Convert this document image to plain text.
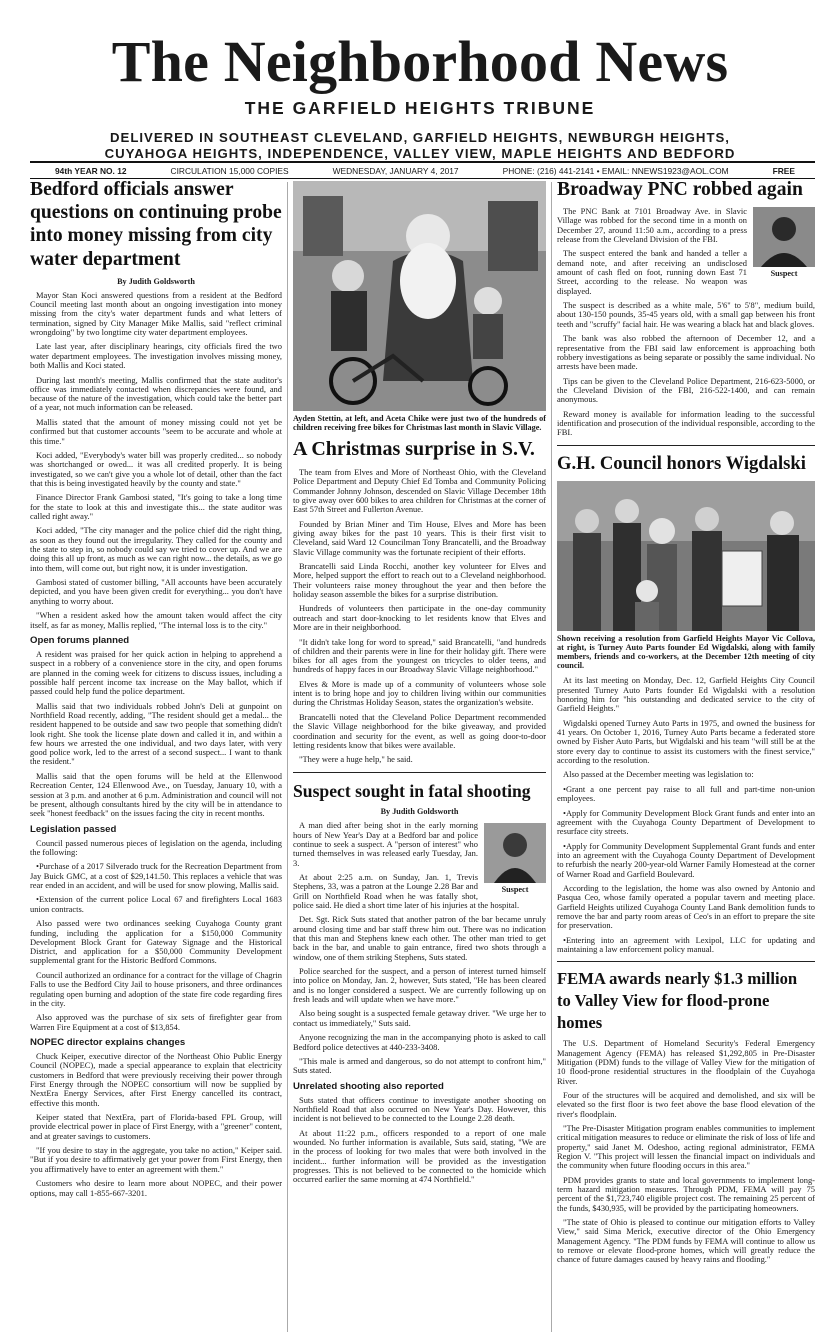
The Neighborhood News
THE GARFIELD HEIGHTS TRIBUNE
DELIVERED IN SOUTHEAST CLEVELAND, GARFIELD HEIGHTS, NEWBURGH HEIGHTS,
CUYAHOGA HEIGHTS, INDEPENDENCE, VALLEY VIEW, MAPLE HEIGHTS AND BEDFORD
94th YEAR NO. 12	CIRCULATION 15,000 COPIES	WEDNESDAY, JANUARY 4, 2017	PHONE: (216) 441-2141 • EMAIL: NNEWS1923@AOL.COM	FREE
Bedford officials answer questions on continuing probe into money missing from city water department
By Judith Goldsworth

Mayor Stan Koci answered questions from a resident at the Bedford Council meeting last month about an ongoing investigation into money missing from the city's water department funds and what letters of termination, signed by City Manager Mike Mallis, said "reflect criminal wrongdoing" by two longtime city water department employees.

Late last year, after disciplinary hearings, city officials fired the two water department employees. The investigation involves missing money, both Mallis and Koci stated.

During last month's meeting, Mallis confirmed that the state auditor's office was immediately contacted when discrepancies were found, and because of the nature of the investigation, which could take the better part of a year, not much information can be released.

Mallis stated that the amount of money missing could not yet be confirmed but that customer accounts "seem to be accurate and whole at this time."

Koci added, "Everybody's water bill was properly credited... so nobody was shortchanged or owed... it was all credited properly. It is being investigated, so we can't give you a whole lot of detail, other than the fact that this is being investigated heavily by the county and state."

Finance Director Frank Gambosi stated, "It's going to take a long time for the state to look at this and investigate this... the state auditor was called right away."

Koci added, "The city manager and the police chief did the right thing, as soon as they found out the irregularity. They called for the county and the state to step in, so nobody could say we tried to cover up. And we are doing this all up front, as much as we can right now... the details, as we go into them, will come out, but right now, it is under investigation.

Gambosi stated of customer billing, "All accounts have been accurately depicted, and you have been given credit for everything... you don't have anything to worry about.

"When a resident asked how the amount taken would affect the city itself, as far as money, Mallis replied, "The internal loss is to the city."

Open forums planned

A resident was praised for her quick action in helping to apprehend a suspect in a robbery of a convenience store in the city, and open forums are planned in the coming week for citizens to discuss issues, including a possible half percent income tax increase on the May ballot, which if passed could help fund the police department.

Mallis said that two individuals robbed John's Deli at gunpoint on Northfield Road recently, adding, "The resident should get a medal... the resident happened to be outside and saw two people that something didn't look right. She took the license plate down and called it in, and within a few hours we arrested the one individual, and two days later, with very good police work, led to the arrest of a second suspect... I want to thank the resident."

Mallis said that the open forums will be held at the Ellenwood Recreation Center, 124 Ellenwood Ave., on Tuesday, January 10, with a session at 3 p.m. and another at 6 p.m. Administration and council will not be present, although consultants hired by the city will be in attendance to seek "honest feedback" on the issues facing the city in recent months.

Legislation passed

Council passed numerous pieces of legislation on the agenda, including the following:

•Purchase of a 2017 Silverado truck for the Recreation Department from Jay Buick GMC, at a cost of $29,141.50. This replaces a vehicle that was rear ended in an accident, and will be used for snow plowing, Mallis said.

•Extension of the current police Local 67 and firefighters Local 1683 union contracts.

Also passed were two ordinances seeking Cuyahoga County grant funding, including the application for a $150,000 Community Development Block Grant for Gateway Signage and the Historical District, and application for a $50,000 Community Development supplemental grant for the Historic Bedford Commons.

Council authorized an ordinance for a contract for the village of Chagrin Falls to use the Bedford City Jail to house prisoners, and three ordinances regulating open burning and adoption of the state fire code regarding fires in the city.

Also approved was the purchase of six sets of firefighter gear from Warren Fire Equipment at a cost of $13,854.

NOPEC director explains changes

Chuck Keiper, executive director of the Northeast Ohio Public Energy Council (NOPEC), made a special appearance to explain that electricity customers in Bedford that were previously receiving their power through First Energy through the NOPEC consortium will now be supplied by NextEra Energy Services, after First Energy cancelled its contract, effective this month.

Keiper stated that NextEra, part of Florida-based FPL Group, will provide electrical power in place of First Energy, with a "greener" content, and at greater savings to customers.

"If you desire to stay in the aggregate, you take no action," Keiper said. "But if you desire to affirmatively get your power from First Energy, then you affirmatively have to enter an agreement with them."

Customers who desire to learn more about NOPEC, and their power options, may call 1-855-667-3201.

Ayden Stettin, at left, and Aceta Chike were just two of the hundreds of children receiving free bikes for Christmas last month in Slavic Village.
A Christmas surprise in S.V.

The team from Elves and More of Northeast Ohio, with the Cleveland Police Department and Deputy Chief Ed Tomba and Community Policing Commander Johnny Johnson, descended on Slavic Village December 18th to give away over 600 bikes to area children for Christmas at the corner of East 57th Street and Fullerton Avenue.

Founded by Brian Miner and Tim House, Elves and More has been giving away bikes for the past 10 years. This is their first visit to Cleveland, said Ward 12 Councilman Tony Brancatelli, and the Broadway Slavic Village community was the fortunate recipient of their efforts.

Brancatelli said Linda Rocchi, another key volunteer for Elves and More, helped support the effort to reach out to a Cleveland neighborhood. Their volunteers raise money throughout the year and then before the holiday season assemble the bikes for a surprise distribution.

Hundreds of volunteers then participate in the one-day community outreach and start door-knocking to let residents know that Elves and More are in their neighborhood.

"It didn't take long for word to spread," said Brancatelli, "and hundreds of children and their parents were in line for their holiday gift. There were bikes for all ages from the youngest on tricycles to older teens, and hundreds of happy faces in our Broadway Slavic Village neighborhood."

Elves & More is made up of a community of volunteers whose sole intent is to bring hope and joy to children living within our communities during the Christmas Holiday Season, states the organization's website.

Brancatelli noted that the Cleveland Police Department recommended the Slavic Village neighborhood for the bike giveaway, and provided coordination and security for the event, as well as going door-to-door letting residents know that bikes were available.

"They were a huge help," he said.

Suspect sought in fatal shooting
By Judith Goldsworth
Suspect

A man died after being shot in the early morning hours of New Year's Day at a Bedford bar and police continue to seek a suspect. A "person of interest" who turned themselves in was released early Tuesday, Jan. 3.

At about 2:25 a.m. on Sunday, Jan. 1, Trevis Stephens, 33, was a patron at the Lounge 2.28 Bar and Grill on Northfield Road when he was fatally shot, police said. He died a short time later of his injuries at the hospital.

Det. Sgt. Rick Suts stated that another patron of the bar became unruly around closing time and bar staff threw him out. There was no indication that this man and Stephens knew each other. The other man tried to get back in the bar, and unable to gain entrance, fired two shots through a window, one of them striking Stephens, Suts stated.

Police searched for the suspect, and a person of interest turned himself into police on Monday, Jan. 2, however, Suts stated, "He has been cleared and is no longer considered a suspect. We are currently following up on fresh leads and will update when we have more."

Also being sought is a suspected female getaway driver. "We urge her to contact us immediately," Suts said.

Anyone recognizing the man in the accompanying photo is asked to call Bedford police detectives at 440-233-3408.

"This male is armed and dangerous, so do not attempt to confront him," Suts stated.

Unrelated shooting also reported

Suts stated that officers continue to investigate another shooting on Northfield Road that also occurred on New Year's Day. However, this incident is not believed to be connected to the Lounge 2.28 death.

At about 11:22 p.m., officers responded to a report of one male wounded. No further information is available, Suts said, stating, "We are in the process of looking for two males that were both involved in the incident... further information will be provided as the investigation progresses. This is not believed to be connected to the homicide which occurred earlier the same morning at 474 Northfield."

Broadway PNC robbed again
Suspect

The PNC Bank at 7101 Broadway Ave. in Slavic Village was robbed for the second time in a month on December 27, around 11:50 a.m., according to a press release from the Cleveland Division of the FBI.

The suspect entered the bank and handed a teller a demand note, and after receiving an undisclosed amount of cash fled on foot, running down East 71 Street, according to the release. No weapon was displayed.

The suspect is described as a white male, 5'6" to 5'8", medium build, about 130-150 pounds, 35-45 years old, with a small gap between his front teeth and "scruffy" facial hair. He was wearing a black hat and black gloves.

The bank was also robbed the afternoon of December 12, and a representative from the FBI said law enforcement is approaching both robbery investigations as being separate or possibly the same individual. No arrests have been made.

Tips can be given to the Cleveland Police Department, 216-623-5000, or the Cleveland Division of the FBI, 216-522-1400, and can remain anonymous.

Reward money is available for information leading to the successful identification and prosecution of the individual responsible, according to the FBI.

G.H. Council honors Wigdalski
Shown receiving a resolution from Garfield Heights Mayor Vic Collova, at right, is Turney Auto Parts founder Ed Wigdalski, along with family members, friends and co-workers, at the December 12th meeting of city council.

At its last meeting on Monday, Dec. 12, Garfield Heights City Council presented Turney Auto Parts founder Ed Wigdalski with a resolution honoring him for "his outstanding and dedicated service to the city of Garfield Heights."

Wigdalski opened Turney Auto Parts in 1975, and owned the business for 41 years. On October 1, 2016, Turney Auto Parts became a federated store owned by Fisher Auto Parts, but Wigdalski and his team "will still be at the store every day to continue to assist its customers with the finest service," according to the resolution.

Also passed at the December meeting was legislation to:

•Grant a one percent pay raise to all full and part-time non-union employees.

•Apply for Community Development Block Grant funds and enter into an agreement with the Cuyahoga County Department of Development to resurface city streets.

•Apply for Community Development Supplemental Grant funds and enter into an agreement with the Cuyahoga County Department of Development to refurbish the nearly 200-year-old Warner Family Homestead at the corner of Warner Road and Garfield Boulevard.

According to the legislation, the home was also owned by Antonio and Pasqua Ceo, whose family operated a popular tavern and meeting place. Garfield Heights utilized Cuyahoga County Land Bank demolition funds to remove the bar and party room areas of Ceo's in an effort to prepare the site for preservation.

•Entering into an agreement with Lexipol, LLC for updating and maintaining a law enforcement policy manual.

FEMA awards nearly $1.3 million to Valley View for flood-prone homes

The U.S. Department of Homeland Security's Federal Emergency Management Agency (FEMA) has released $1,292,805 in Pre-Disaster Mitigation (PDM) funds to the village of Valley View for the mitigation of 10 flood-prone residential structures in the floodplain of the Cuyahoga River.

Four of the structures will be acquired and demolished, and six will be elevated so the first floor is two feet above the base flood elevation of the river's floodplain.

"The Pre-Disaster Mitigation program enables communities to implement critical mitigation measures to reduce or eliminate the risk of loss of life and property," said Janet M. Odeshoo, acting regional administrator, FEMA Region V. "This project will lessen the financial impact on individuals and the community when future flooding occurs in this area."

PDM provides grants to state and local governments to implement long-term hazard mitigation measures. Through PDM, FEMA will pay 75 percent of the $1,723,740 eligible project cost. The remaining 25 percent of the funds, $430,935, will be provided by the participating homeowners.

"The state of Ohio is pleased to continue our mitigation efforts to Valley View," said Sima Merick, executive director of the Ohio Emergency Management Agency. "The PDM funds by FEMA will continue to allow us to remove or elevate flood-prone homes, which will greatly reduce the chance of future damages caused by heavy rains and flooding."
